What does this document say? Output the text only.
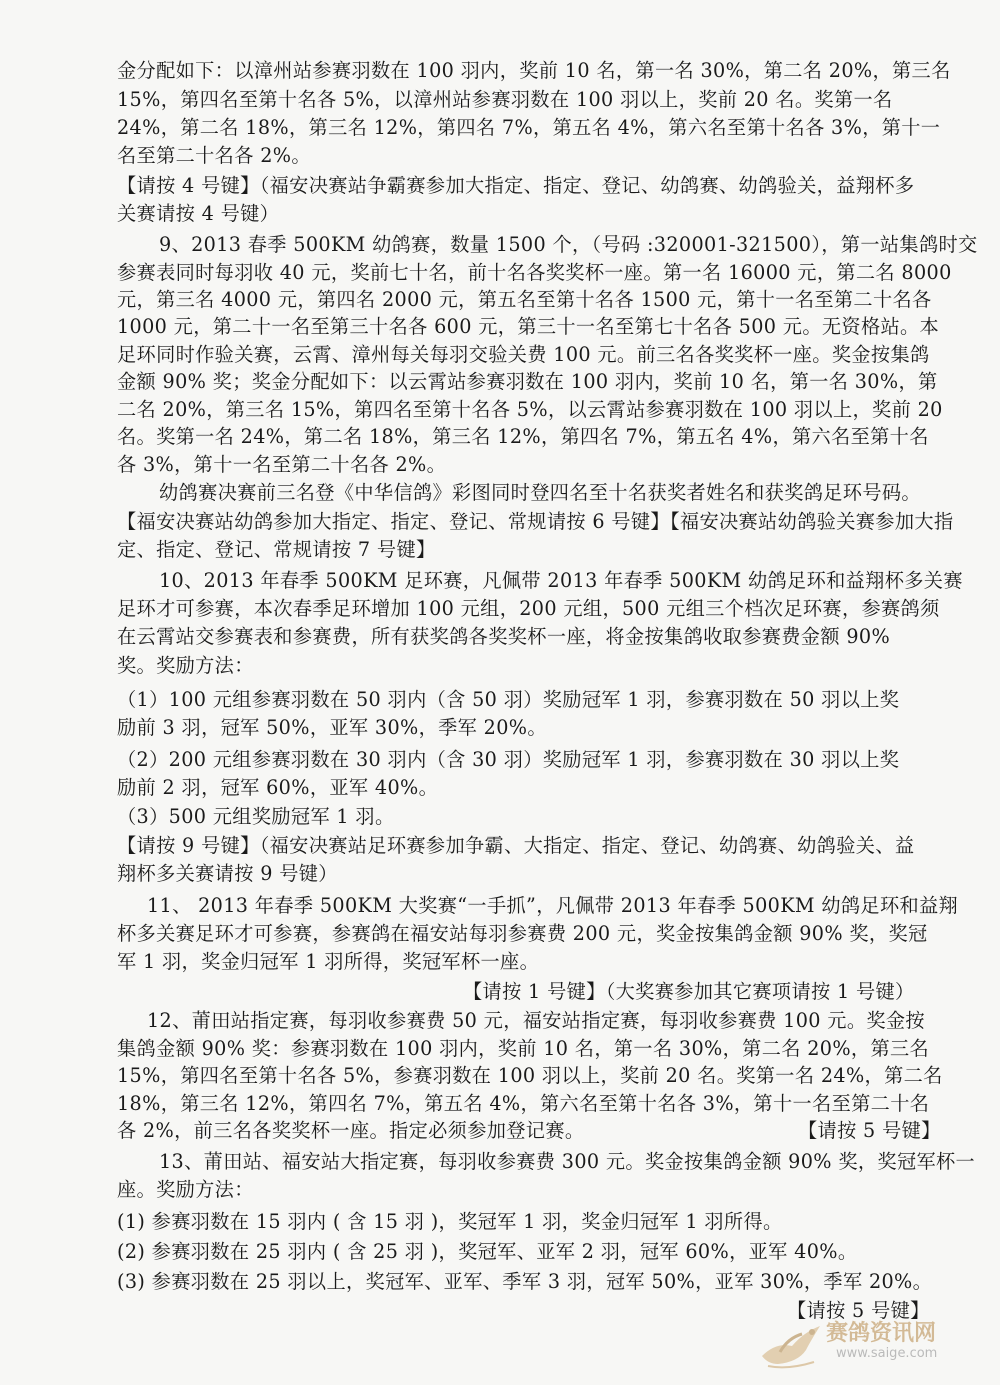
金分配如下：以漳州站参赛羽数在 100 羽内，奖前 10 名，第一名 30%，第二名 20%，第三名
15%，第四名至第十名各 5%，以漳州站参赛羽数在 100 羽以上，奖前 20 名。奖第一名
24%，第二名 18%，第三名 12%，第四名 7%，第五名 4%，第六名至第十名各 3%，第十一
名至第二十名各 2%。
【请按 4 号键】（福安决赛站争霸赛参加大指定、指定、登记、幼鸽赛、幼鸽验关，益翔杯多
关赛请按 4 号键）
9、2013 春季 500KM 幼鸽赛，数量 1500 个，（号码 :320001-321500），第一站集鸽时交
参赛表同时每羽收 40 元，奖前七十名，前十名各奖奖杯一座。第一名 16000 元，第二名 8000
元，第三名 4000 元，第四名 2000 元，第五名至第十名各 1500 元，第十一名至第二十名各
1000 元，第二十一名至第三十名各 600 元，第三十一名至第七十名各 500 元。无资格站。本
足环同时作验关赛，云霄、漳州每关每羽交验关费 100 元。前三名各奖奖杯一座。奖金按集鸽
金额 90% 奖；奖金分配如下：以云霄站参赛羽数在 100 羽内，奖前 10 名，第一名 30%，第
二名 20%，第三名 15%，第四名至第十名各 5%，以云霄站参赛羽数在 100 羽以上，奖前 20
名。奖第一名 24%，第二名 18%，第三名 12%，第四名 7%，第五名 4%，第六名至第十名
各 3%，第十一名至第二十名各 2%。
幼鸽赛决赛前三名登《中华信鸽》彩图同时登四名至十名获奖者姓名和获奖鸽足环号码。
【福安决赛站幼鸽参加大指定、指定、登记、常规请按 6 号键】【福安决赛站幼鸽验关赛参加大指
定、指定、登记、常规请按 7 号键】
10、2013 年春季 500KM 足环赛，凡佩带 2013 年春季 500KM 幼鸽足环和益翔杯多关赛
足环才可参赛，本次春季足环增加 100 元组，200 元组，500 元组三个档次足环赛，参赛鸽须
在云霄站交参赛表和参赛费，所有获奖鸽各奖奖杯一座，将金按集鸽收取参赛费金额 90%
奖。奖励方法：
（1）100 元组参赛羽数在 50 羽内（含 50 羽）奖励冠军 1 羽，参赛羽数在 50 羽以上奖
励前 3 羽，冠军 50%，亚军 30%，季军 20%。
（2）200 元组参赛羽数在 30 羽内（含 30 羽）奖励冠军 1 羽，参赛羽数在 30 羽以上奖
励前 2 羽，冠军 60%，亚军 40%。
（3）500 元组奖励冠军 1 羽。
【请按 9 号键】（福安决赛站足环赛参加争霸、大指定、指定、登记、幼鸽赛、幼鸽验关、益
翔杯多关赛请按 9 号键）
11、 2013 年春季 500KM 大奖赛“一手抓”，凡佩带 2013 年春季 500KM 幼鸽足环和益翔
杯多关赛足环才可参赛，参赛鸽在福安站每羽参赛费 200 元，奖金按集鸽金额 90% 奖，奖冠
军 1 羽，奖金归冠军 1 羽所得，奖冠军杯一座。
【请按 1 号键】（大奖赛参加其它赛项请按 1 号键）
12、莆田站指定赛，每羽收参赛费 50 元，福安站指定赛，每羽收参赛费 100 元。奖金按
集鸽金额 90% 奖：参赛羽数在 100 羽内，奖前 10 名，第一名 30%，第二名 20%，第三名
15%，第四名至第十名各 5%，参赛羽数在 100 羽以上，奖前 20 名。奖第一名 24%，第二名
18%，第三名 12%，第四名 7%，第五名 4%，第六名至第十名各 3%，第十一名至第二十名
各 2%，前三名各奖奖杯一座。指定必须参加登记赛。	【请按 5 号键】
13、莆田站、福安站大指定赛，每羽收参赛费 300 元。奖金按集鸽金额 90% 奖，奖冠军杯一
座。奖励方法：
(1) 参赛羽数在 15 羽内 ( 含 15 羽 )，奖冠军 1 羽，奖金归冠军 1 羽所得。
(2) 参赛羽数在 25 羽内 ( 含 25 羽 )，奖冠军、亚军 2 羽，冠军 60%，亚军 40%。
(3) 参赛羽数在 25 羽以上，奖冠军、亚军、季军 3 羽，冠军 50%，亚军 30%，季军 20%。
【请按 5 号键】
赛鸽资讯网
www.saige.com
